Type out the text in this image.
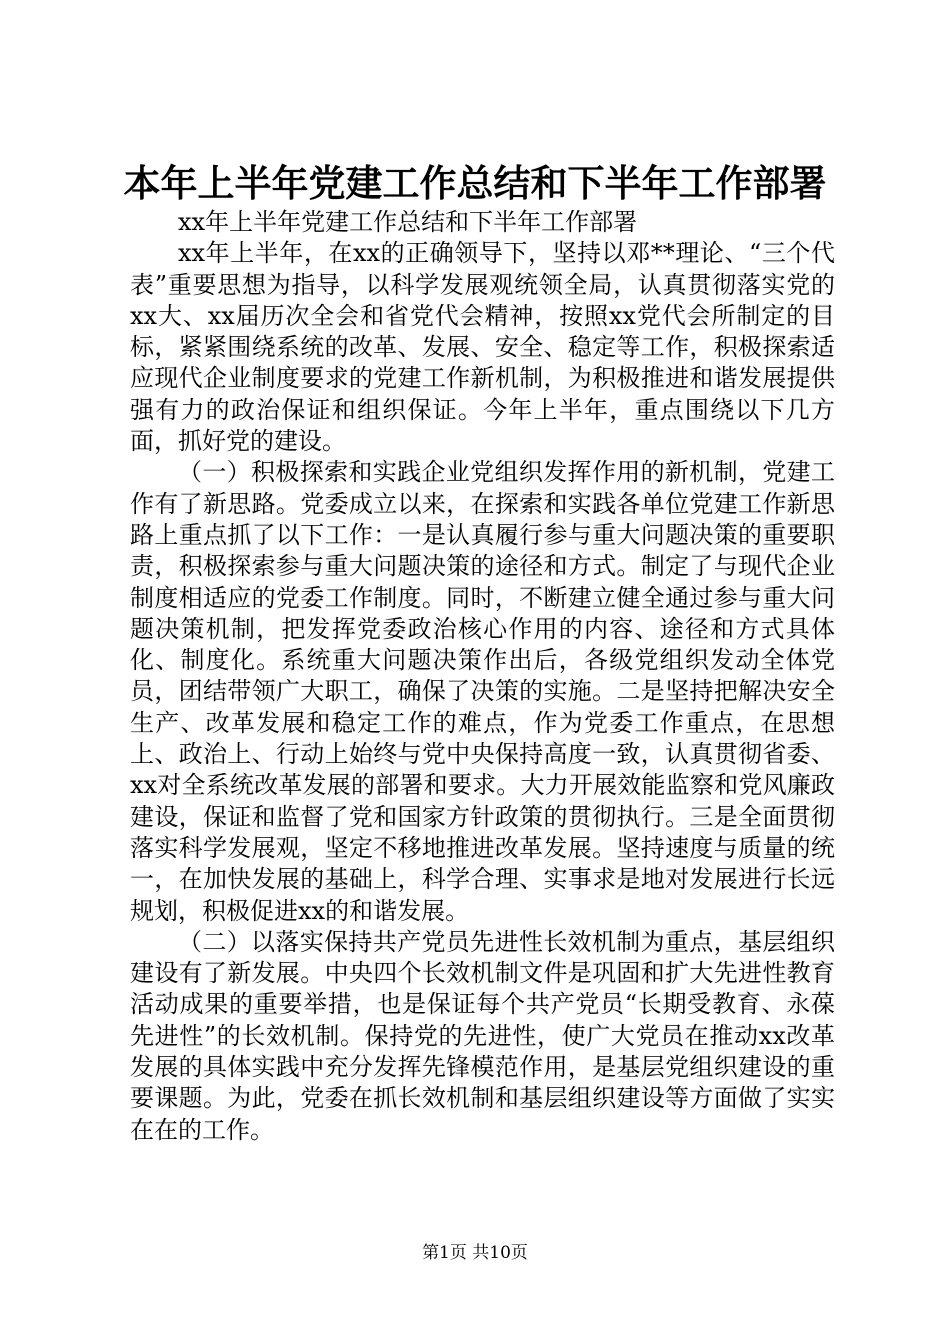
本年上半年党建工作总结和下半年工作部署

xx年上半年党建工作总结和下半年工作部署

xx年上半年，在xx的正确领导下，坚持以邓**理论、“三个代表”重要思想为指导，以科学发展观统领全局，认真贯彻落实党的xx大、xx届历次全会和省党代会精神，按照xx党代会所制定的目标，紧紧围绕系统的改革、发展、安全、稳定等工作，积极探索适应现代企业制度要求的党建工作新机制，为积极推进和谐发展提供强有力的政治保证和组织保证。今年上半年，重点围绕以下几方面，抓好党的建设。

（一）积极探索和实践企业党组织发挥作用的新机制，党建工作有了新思路。党委成立以来，在探索和实践各单位党建工作新思路上重点抓了以下工作：一是认真履行参与重大问题决策的重要职责，积极探索参与重大问题决策的途径和方式。制定了与现代企业制度相适应的党委工作制度。同时，不断建立健全通过参与重大问题决策机制，把发挥党委政治核心作用的内容、途径和方式具体化、制度化。系统重大问题决策作出后，各级党组织发动全体党员，团结带领广大职工，确保了决策的实施。二是坚持把解决安全生产、改革发展和稳定工作的难点，作为党委工作重点，在思想上、政治上、行动上始终与党中央保持高度一致，认真贯彻省委、xx对全系统改革发展的部署和要求。大力开展效能监察和党风廉政建设，保证和监督了党和国家方针政策的贯彻执行。三是全面贯彻落实科学发展观，坚定不移地推进改革发展。坚持速度与质量的统一，在加快发展的基础上，科学合理、实事求是地对发展进行长远规划，积极促进xx的和谐发展。

（二）以落实保持共产党员先进性长效机制为重点，基层组织建设有了新发展。中央四个长效机制文件是巩固和扩大先进性教育活动成果的重要举措，也是保证每个共产党员“长期受教育、永葆先进性”的长效机制。保持党的先进性，使广大党员在推动xx改革发展的具体实践中充分发挥先锋模范作用，是基层党组织建设的重要课题。为此，党委在抓长效机制和基层组织建设等方面做了实实在在的工作。

第1页 共10页
